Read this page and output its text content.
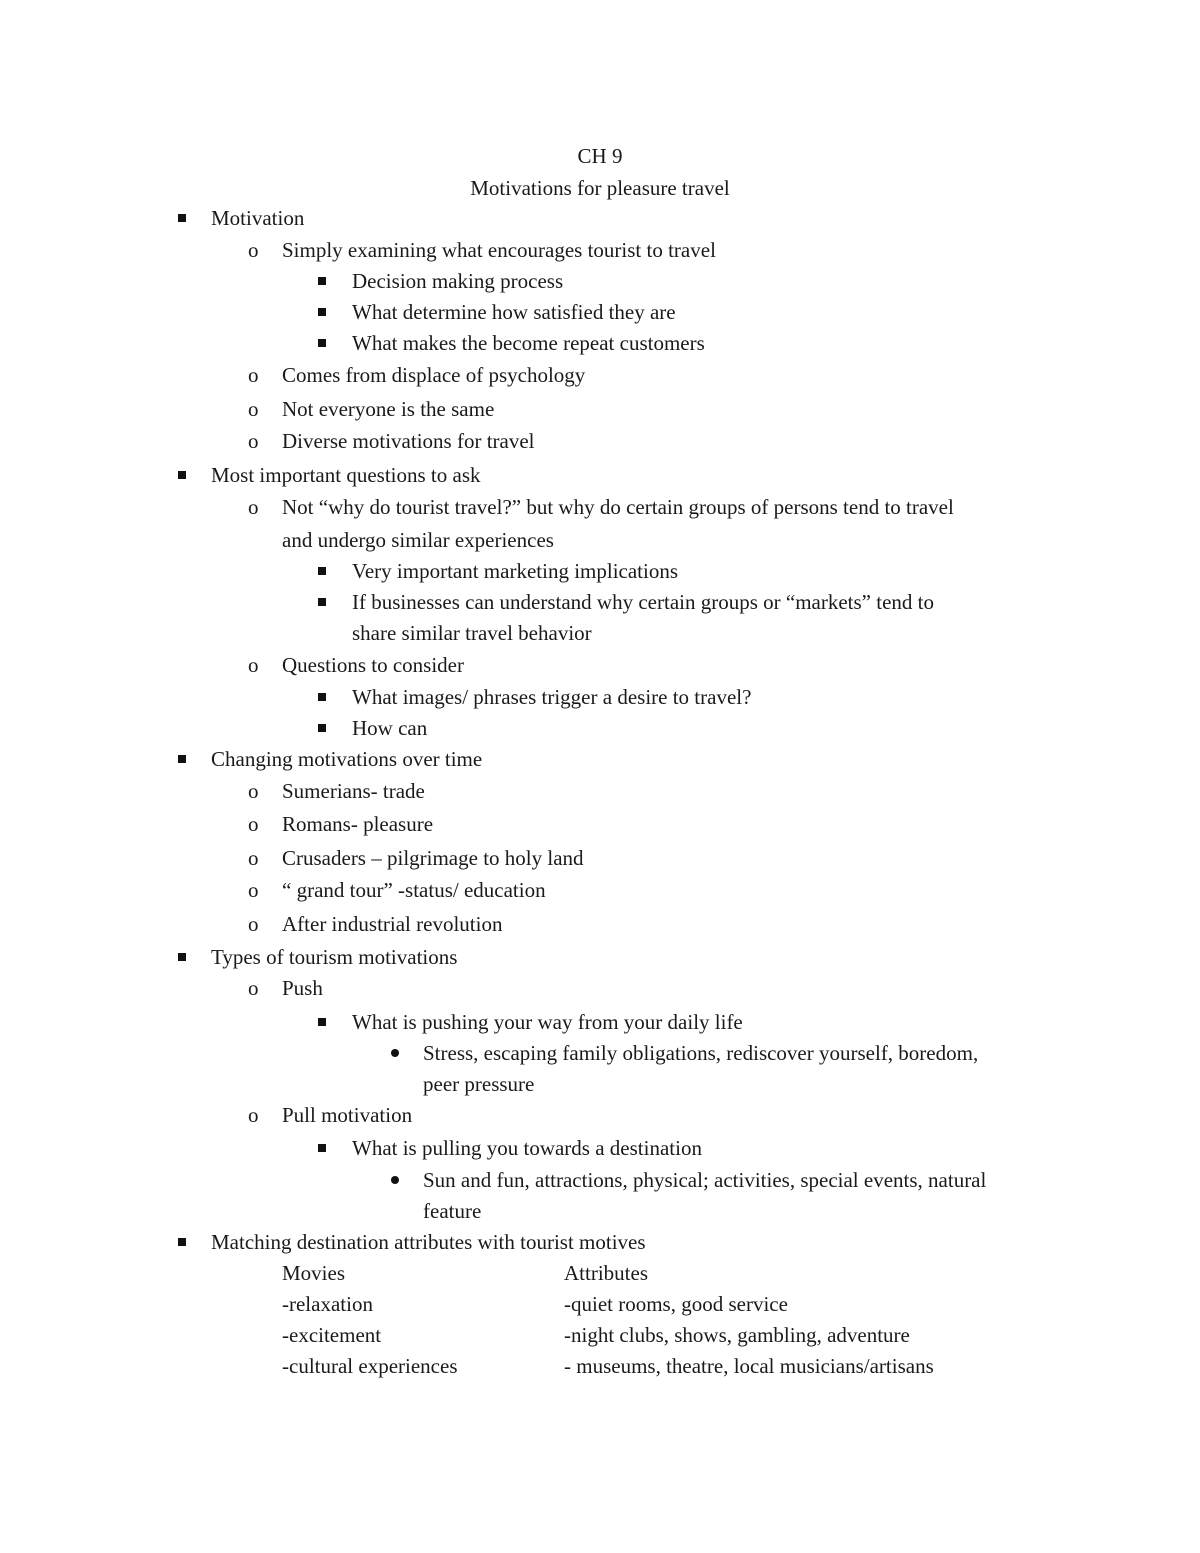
CH 9
Motivations for pleasure travel
Motivation
o Simply examining what encourages tourist to travel
Decision making process
What determine how satisfied they are
What makes the become repeat customers
o Comes from displace of psychology
o Not everyone is the same
o Diverse motivations for travel
Most important questions to ask
o Not “why do tourist travel?” but why do certain groups of persons tend to travel
and undergo similar experiences
Very important marketing implications
If businesses can understand why certain groups or “markets” tend to
share similar travel behavior
o Questions to consider
What images/ phrases trigger a desire to travel?
How can
Changing motivations over time
o Sumerians- trade
o Romans- pleasure
o Crusaders – pilgrimage to holy land
o “ grand tour” -status/ education
o After industrial revolution
Types of tourism motivations
o Push
What is pushing your way from your daily life
Stress, escaping family obligations, rediscover yourself, boredom,
peer pressure
o Pull motivation
What is pulling you towards a destination
Sun and fun, attractions, physical; activities, special events, natural
feature
Matching destination attributes with tourist motives
Movies	Attributes
-relaxation	-quiet rooms, good service
-excitement	-night clubs, shows, gambling, adventure
-cultural experiences	- museums, theatre, local musicians/artisans
